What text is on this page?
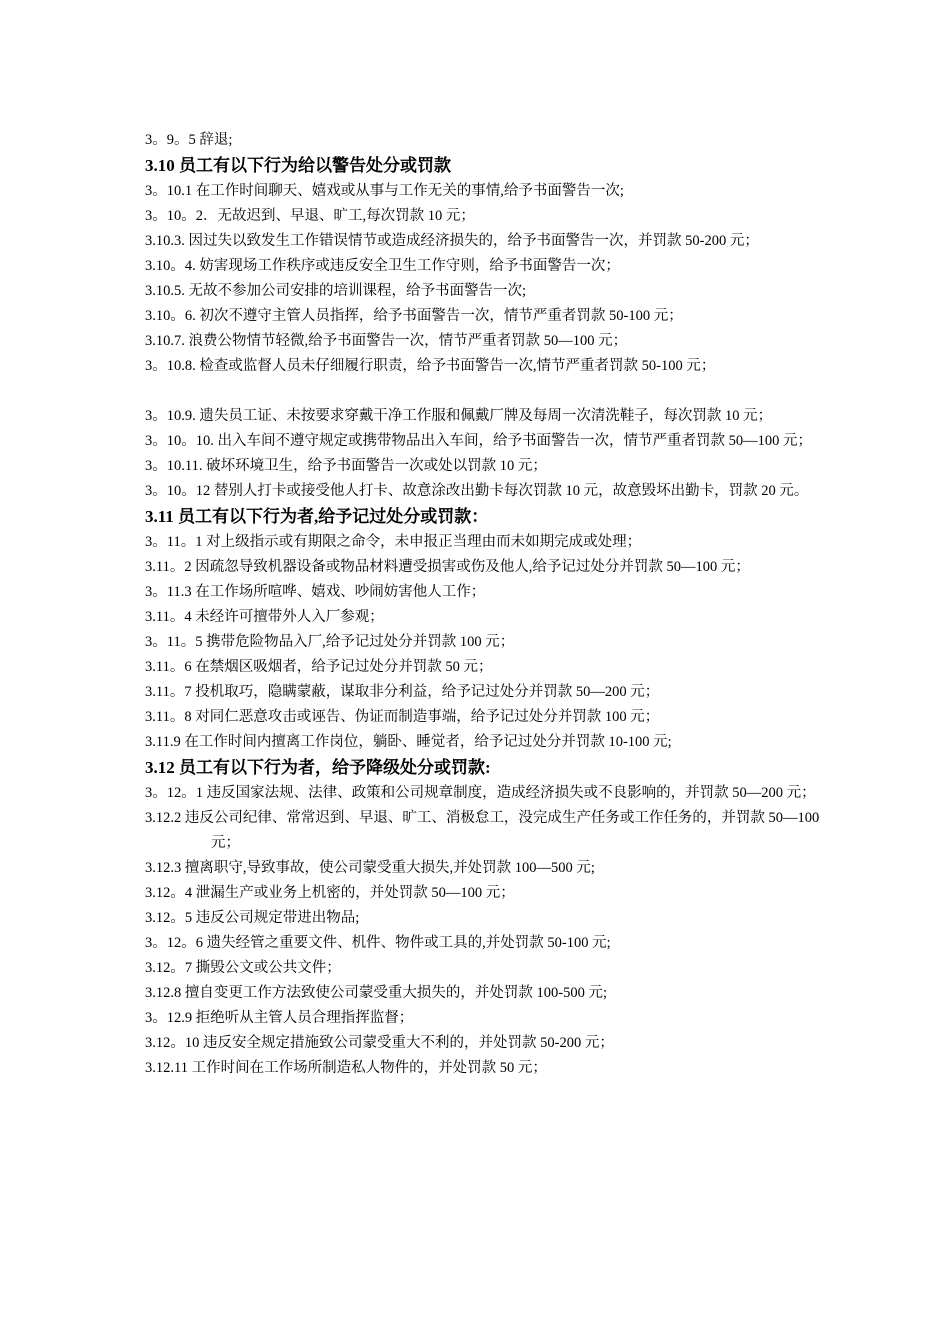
3。9。5 辞退;
3.10 员工有以下行为给以警告处分或罚款
3。10.1 在工作时间聊天、嬉戏或从事与工作无关的事情,给予书面警告一次;
3。10。2．无故迟到、早退、旷工,每次罚款 10 元；
3.10.3. 因过失以致发生工作错误情节或造成经济损失的，给予书面警告一次，并罚款 50-200 元；
3.10。4. 妨害现场工作秩序或违反安全卫生工作守则，给予书面警告一次；
3.10.5. 无故不参加公司安排的培训课程，给予书面警告一次;
3.10。6. 初次不遵守主管人员指挥，给予书面警告一次，情节严重者罚款 50-100 元；
3.10.7. 浪费公物情节轻微,给予书面警告一次，情节严重者罚款 50—100 元；
3。10.8. 检查或监督人员未仔细履行职责，给予书面警告一次,情节严重者罚款 50-100 元；
3。10.9. 遗失员工证、未按要求穿戴干净工作服和佩戴厂牌及每周一次清洗鞋子，每次罚款 10 元；
3。10。10. 出入车间不遵守规定或携带物品出入车间，给予书面警告一次，情节严重者罚款 50—100 元；
3。10.11. 破坏环境卫生，给予书面警告一次或处以罚款 10 元；
3。10。12 替别人打卡或接受他人打卡、故意涂改出勤卡每次罚款 10 元，故意毁坏出勤卡，罚款 20 元。
3.11 员工有以下行为者,给予记过处分或罚款：
3。11。1 对上级指示或有期限之命令，未申报正当理由而未如期完成或处理；
3.11。2 因疏忽导致机器设备或物品材料遭受损害或伤及他人,给予记过处分并罚款 50—100 元；
3。11.3 在工作场所喧哗、嬉戏、吵闹妨害他人工作；
3.11。4 未经许可擅带外人入厂参观；
3。11。5 携带危险物品入厂,给予记过处分并罚款 100 元；
3.11。6 在禁烟区吸烟者，给予记过处分并罚款 50 元；
3.11。7 投机取巧，隐瞒蒙蔽，谋取非分利益，给予记过处分并罚款 50—200 元；
3.11。8 对同仁恶意攻击或诬告、伪证而制造事端，给予记过处分并罚款 100 元；
3.11.9 在工作时间内擅离工作岗位，躺卧、睡觉者，给予记过处分并罚款 10-100 元;
3.12 员工有以下行为者，给予降级处分或罚款:
3。12。1 违反国家法规、法律、政策和公司规章制度，造成经济损失或不良影响的，并罚款 50—200 元；
3.12.2 违反公司纪律、常常迟到、早退、旷工、消极怠工，没完成生产任务或工作任务的，并罚款 50—100 元；
3.12.3 擅离职守,导致事故，使公司蒙受重大损失,并处罚款 100—500 元;
3.12。4 泄漏生产或业务上机密的，并处罚款 50—100 元；
3.12。5 违反公司规定带进出物品;
3。12。6 遗失经管之重要文件、机件、物件或工具的,并处罚款 50-100 元;
3.12。7 撕毁公文或公共文件；
3.12.8 擅自变更工作方法致使公司蒙受重大损失的，并处罚款 100-500 元;
3。12.9 拒绝听从主管人员合理指挥监督；
3.12。10 违反安全规定措施致公司蒙受重大不利的，并处罚款 50-200 元；
3.12.11 工作时间在工作场所制造私人物件的，并处罚款 50 元；
